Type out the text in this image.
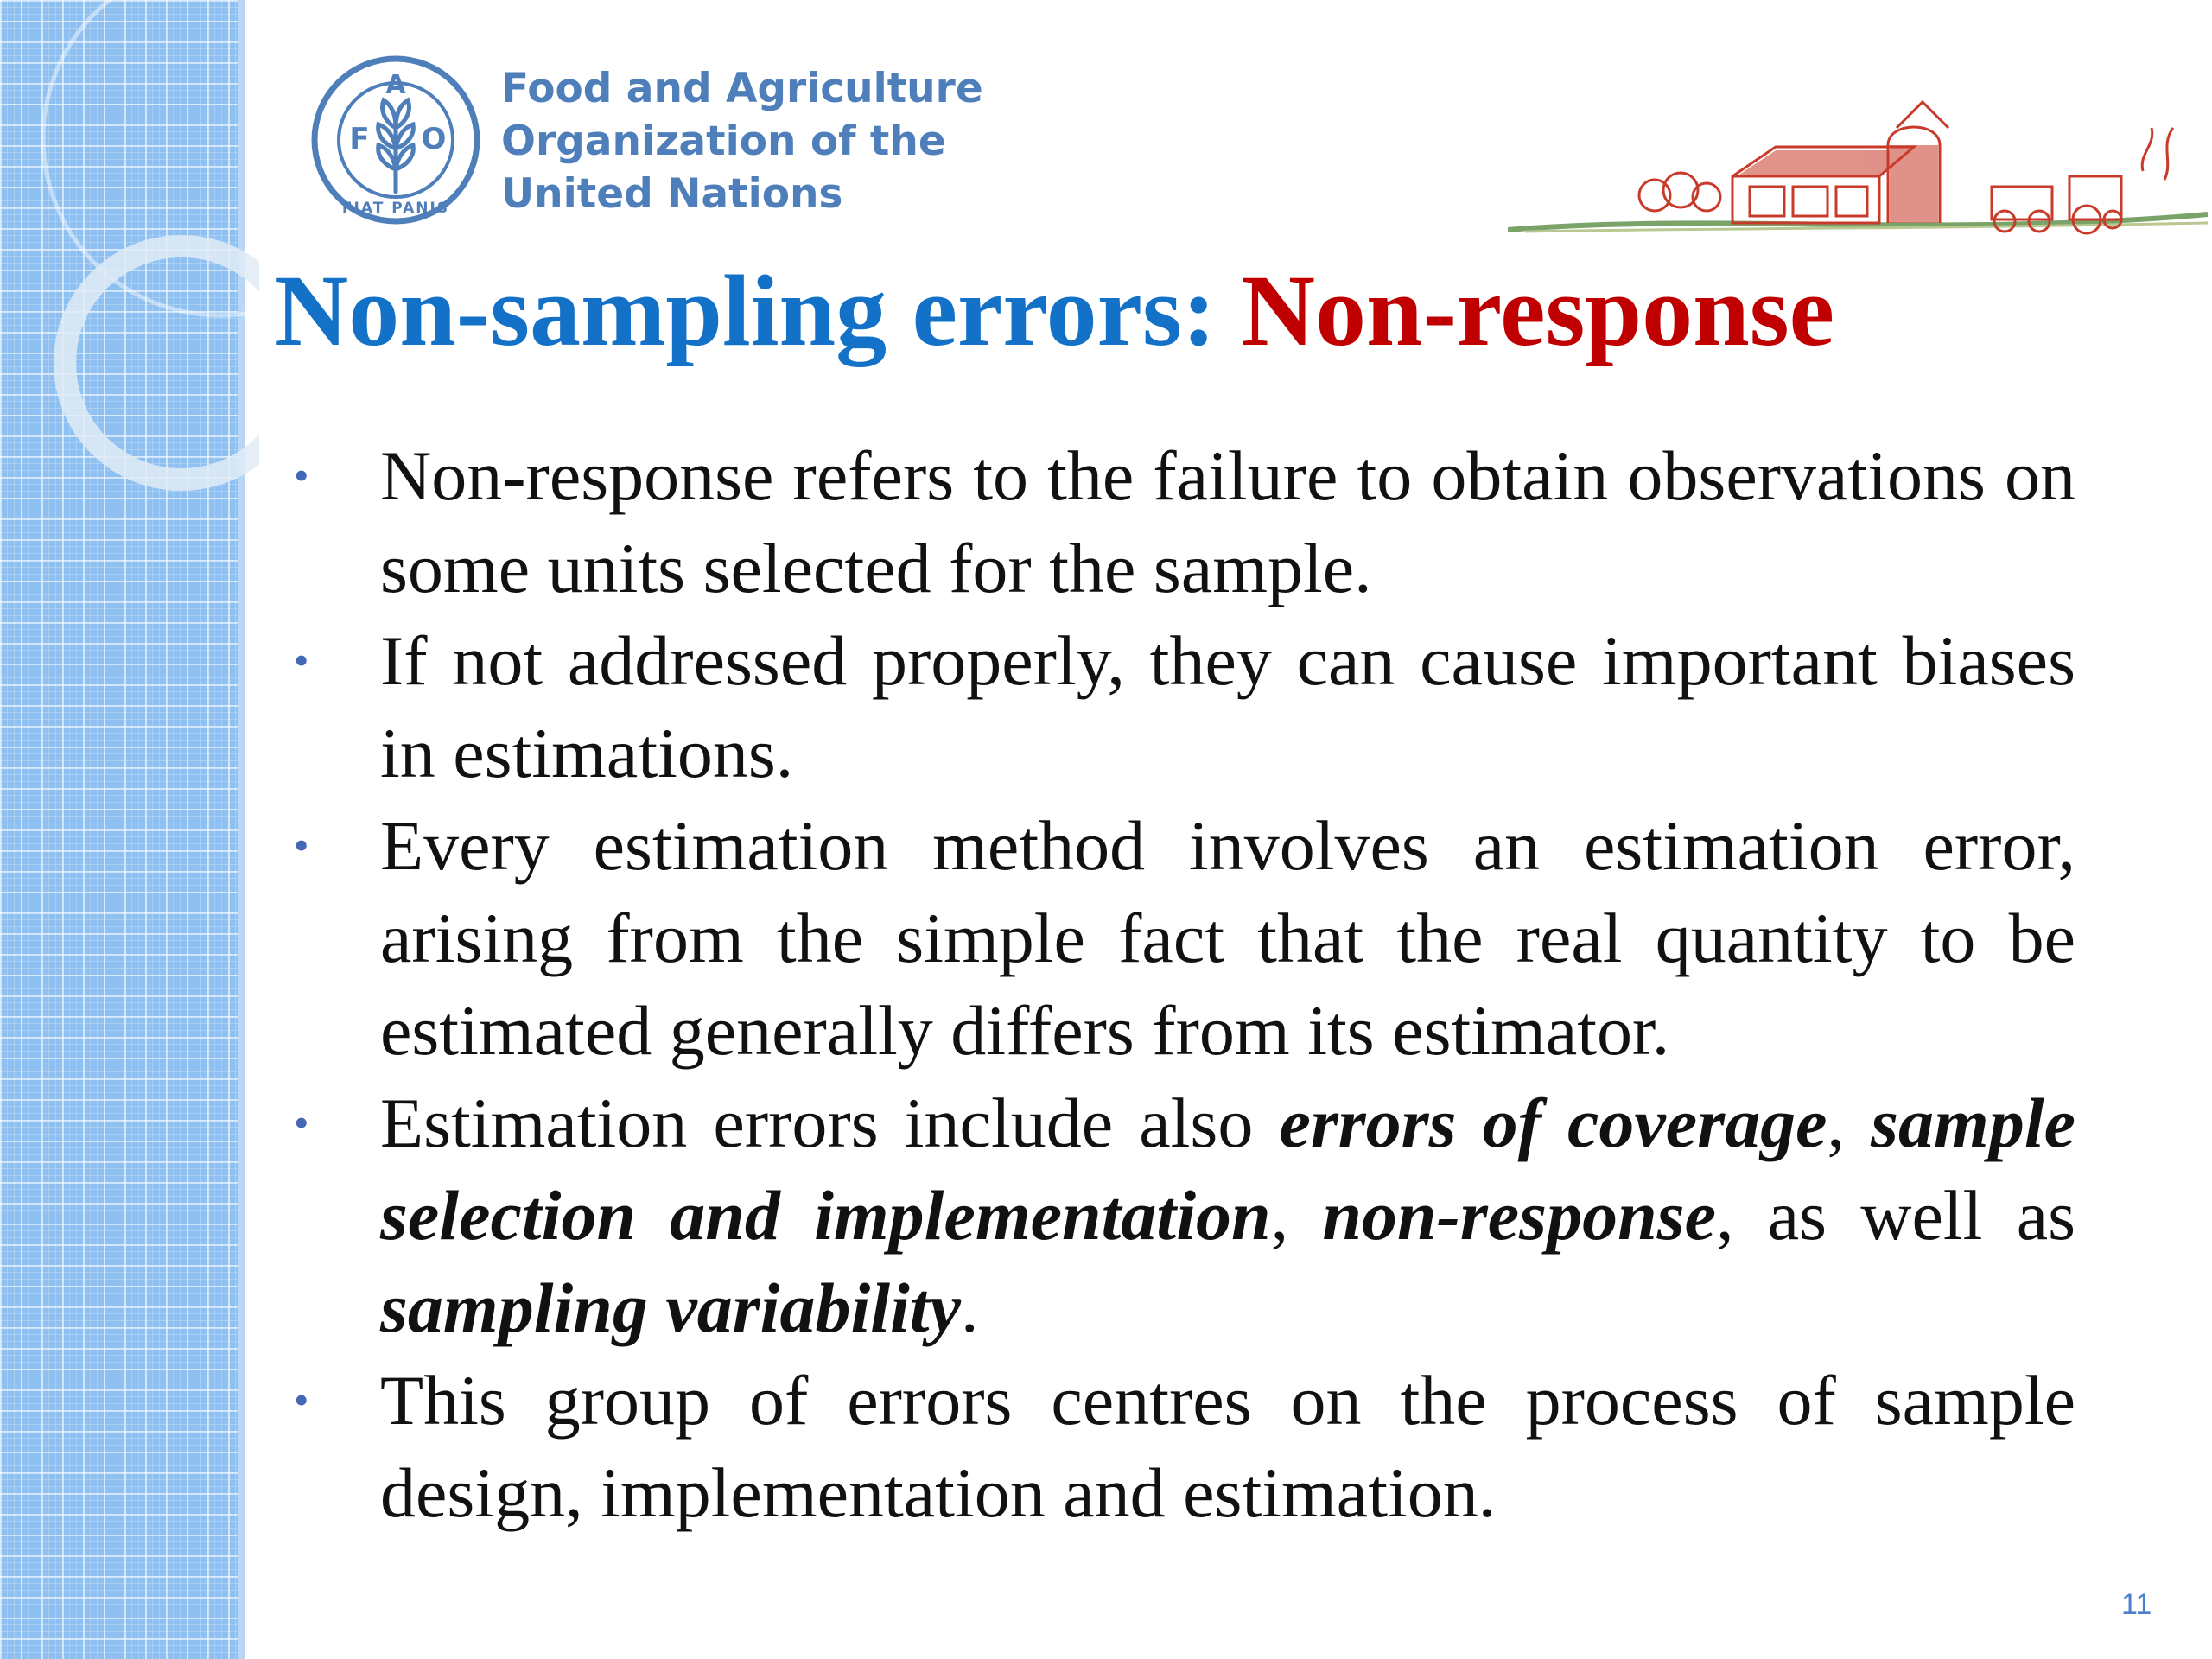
A
F O
FIAT PANIS
Food and Agriculture
Organization of the
United Nations
Non-sampling errors: Non-response
•	Non-response refers to the failure to obtain observations on some units selected for the sample.
•	If not addressed properly, they can cause important biases in estimations.
•	Every estimation method involves an estimation error, arising from the simple fact that the real quantity to be estimated generally differs from its estimator.
•	Estimation errors include also errors of coverage, sample selection and implementation, non-response, as well as sampling variability.
•	This group of errors centres on the process of sample design, implementation and estimation.
11
